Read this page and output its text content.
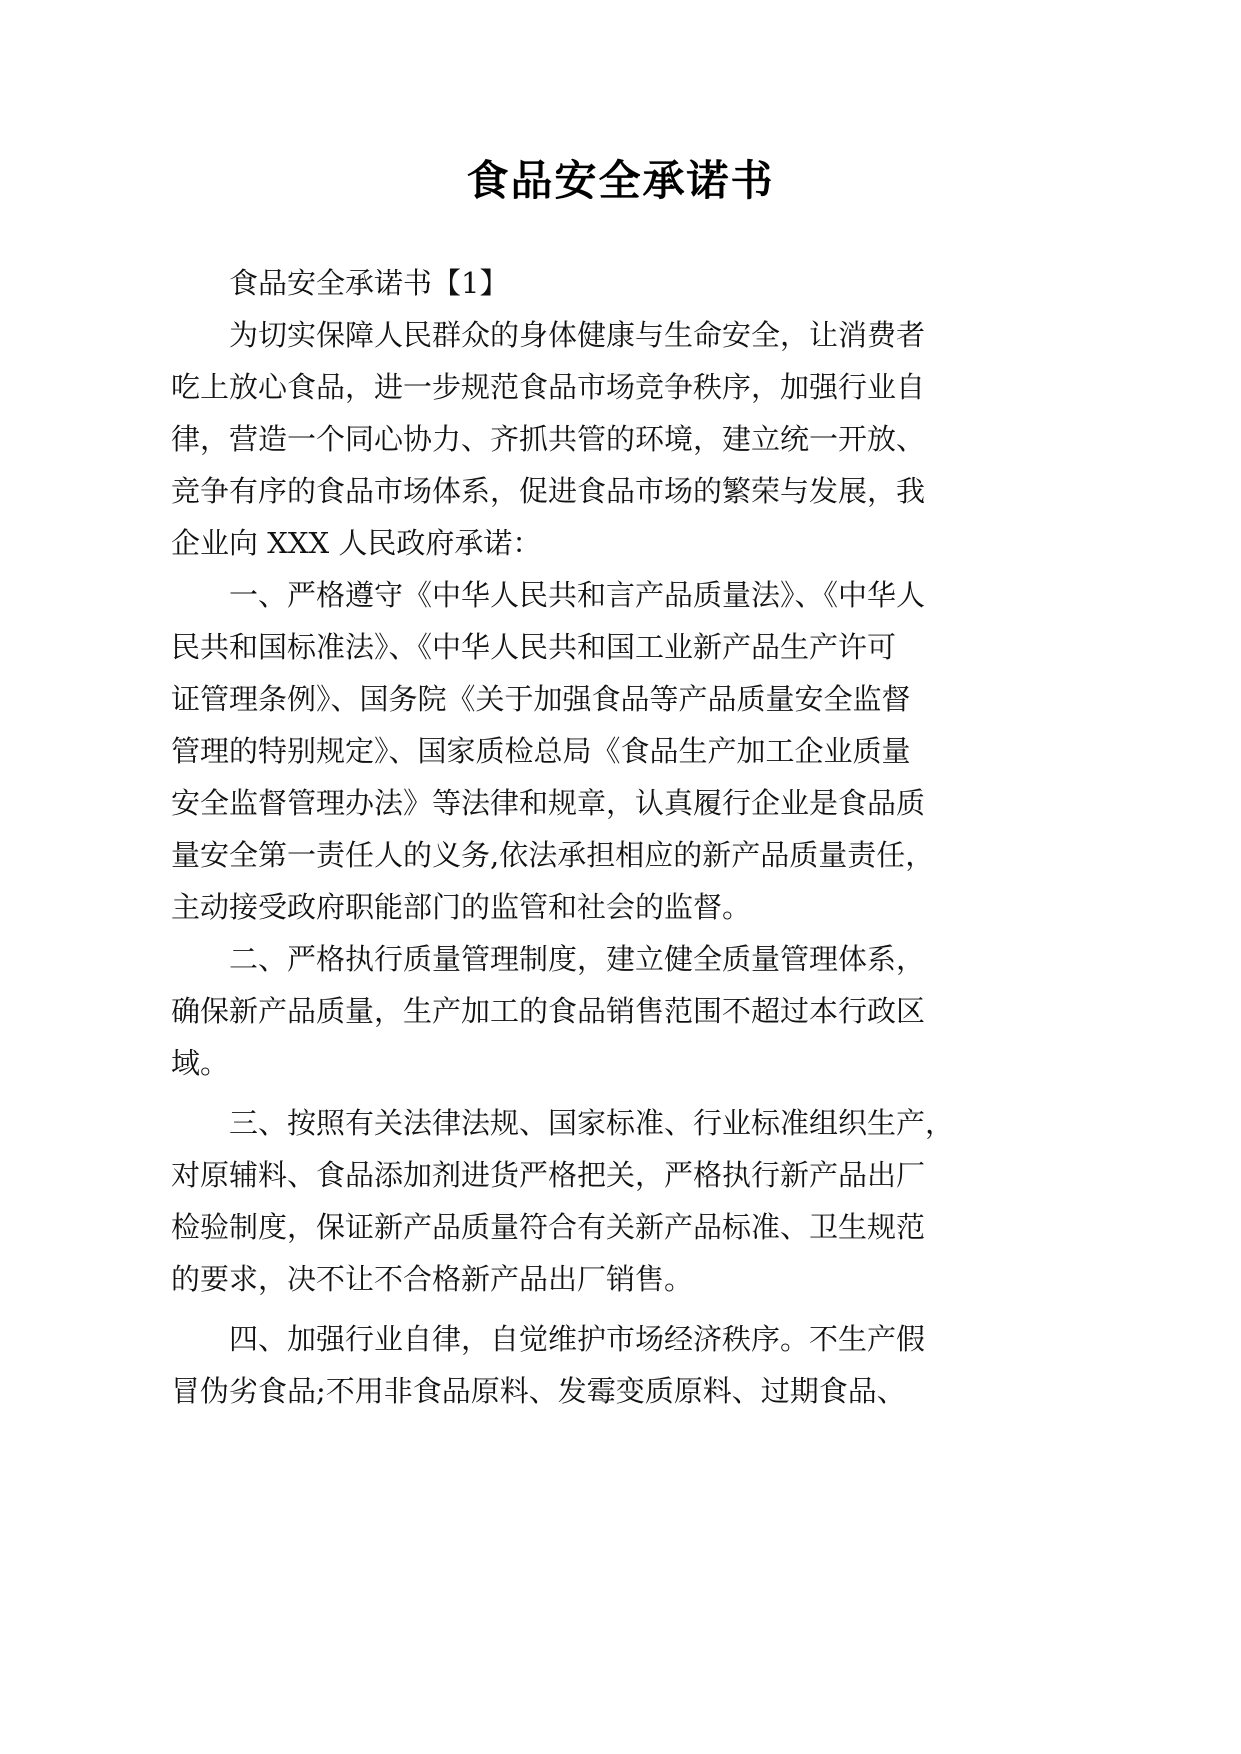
食品安全承诺书
食品安全承诺书【1】
为切实保障人民群众的身体健康与生命安全，让消费者
吃上放心食品，进一步规范食品市场竞争秩序，加强行业自
律，营造一个同心协力、齐抓共管的环境，建立统一开放、
竞争有序的食品市场体系，促进食品市场的繁荣与发展，我
企业向 XXX 人民政府承诺：
一、严格遵守《中华人民共和言产品质量法》、《中华人
民共和国标准法》、《中华人民共和国工业新产品生产许可
证管理条例》、国务院《关于加强食品等产品质量安全监督
管理的特别规定》、国家质检总局《食品生产加工企业质量
安全监督管理办法》等法律和规章，认真履行企业是食品质
量安全第一责任人的义务,依法承担相应的新产品质量责任，
主动接受政府职能部门的监管和社会的监督。
二、严格执行质量管理制度，建立健全质量管理体系，
确保新产品质量，生产加工的食品销售范围不超过本行政区
域。
三、按照有关法律法规、国家标准、行业标准组织生产，
对原辅料、食品添加剂进货严格把关，严格执行新产品出厂
检验制度，保证新产品质量符合有关新产品标准、卫生规范
的要求，决不让不合格新产品出厂销售。
四、加强行业自律，自觉维护市场经济秩序。不生产假
冒伪劣食品;不用非食品原料、发霉变质原料、过期食品、
